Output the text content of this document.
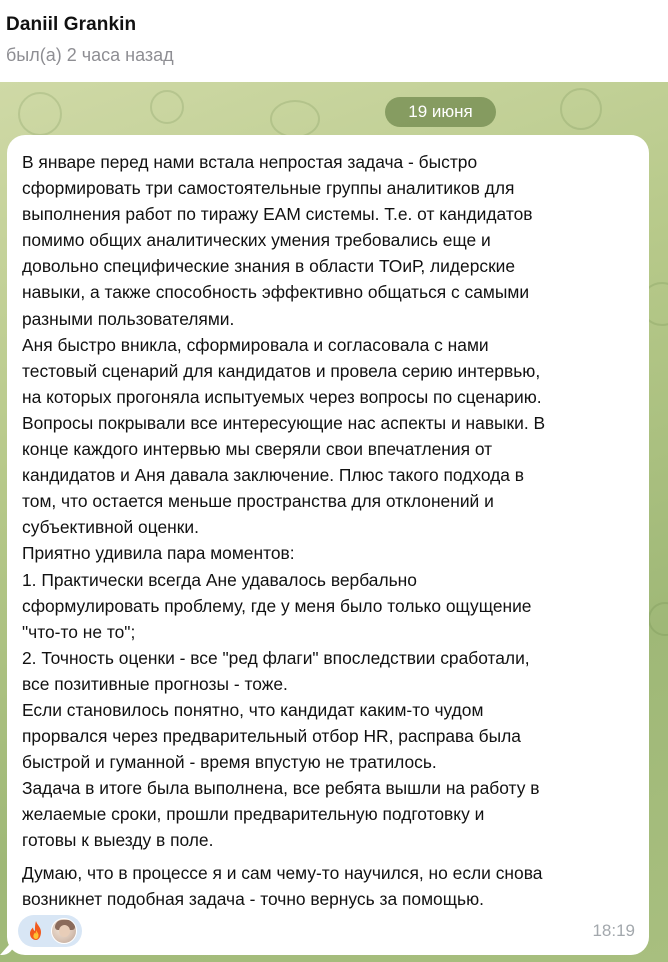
Daniil Grankin
был(а) 2 часа назад
19 июня
В январе перед нами встала непростая задача - быстро
сформировать три самостоятельные группы аналитиков для
выполнения работ по тиражу EAM системы. Т.е. от кандидатов
помимо общих аналитических умения требовались еще и
довольно специфические знания в области ТОиР, лидерские
навыки, а также способность эффективно общаться с самыми
разными пользователями.
Аня быстро вникла, сформировала и согласовала с нами
тестовый сценарий для кандидатов и провела серию интервью,
на которых прогоняла испытуемых через вопросы по сценарию.
Вопросы покрывали все интересующие нас аспекты и навыки. В
конце каждого интервью мы сверяли свои впечатления от
кандидатов и Аня давала заключение. Плюс такого подхода в
том, что остается меньше пространства для отклонений и
субъективной оценки.
Приятно удивила пара моментов:
1. Практически всегда Ане удавалось вербально
сформулировать проблему, где у меня было только ощущение
"что-то не то";
2. Точность оценки - все "ред флаги" впоследствии сработали,
все позитивные прогнозы - тоже.
Если становилось понятно, что кандидат каким-то чудом
прорвался через предварительный отбор HR, расправа была
быстрой и гуманной - время впустую не тратилось.
Задача в итоге была выполнена, все ребята вышли на работу в
желаемые сроки, прошли предварительную подготовку и
готовы к выезду в поле.
Думаю, что в процессе я и сам чему-то научился, но если снова
возникнет подобная задача - точно вернусь за помощью.
18:19
